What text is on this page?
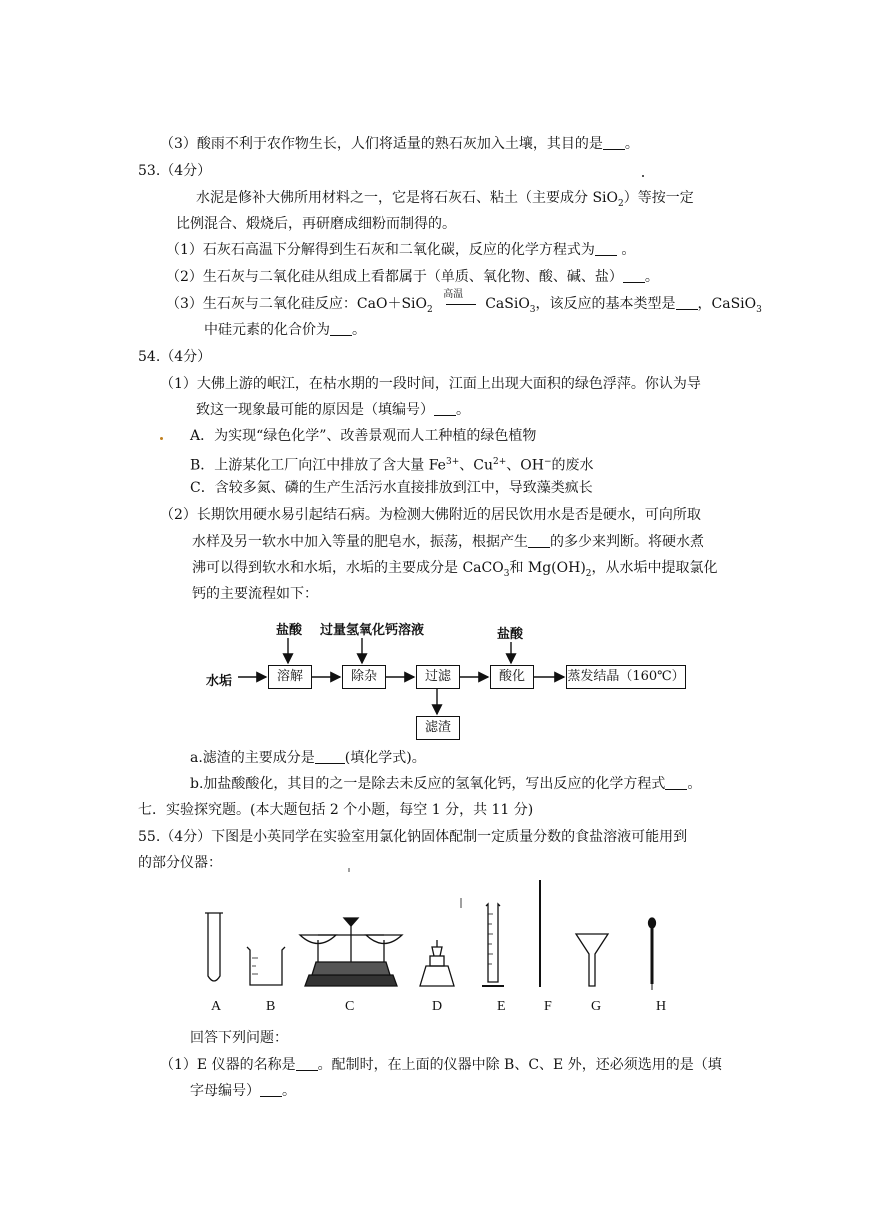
（3）酸雨不利于农作物生长，人们将适量的熟石灰加入土壤，其目的是 。
53.（4分）
水泥是修补大佛所用材料之一，它是将石灰石、粘土（主要成分 SiO$_2$）等按一定
比例混合、煅烧后，再研磨成细粉而制得的。
（1）石灰石高温下分解得到生石灰和二氧化碳，反应的化学方程式为 。
（2）生石灰与二氧化硅从组成上看都属于（单质、氧化物、酸、碱、盐） 。
（3）生石灰与二氧化硅反应：CaO＋SiO$_2$
高温
CaSiO$_3$，该反应的基本类型是 ，CaSiO$_3$
中硅元素的化合价为 。
54.（4分）
（1）大佛上游的岷江，在枯水期的一段时间，江面上出现大面积的绿色浮萍。你认为导
致这一现象最可能的原因是（填编号） 。
A．为实现“绿色化学”、改善景观而人工种植的绿色植物
B．上游某化工厂向江中排放了含大量 $Fe^{3+}$、$Cu^{2+}$、OH−的废水
C．含较多氮、磷的生产生活污水直接排放到江中，导致藻类疯长
（2）长期饮用硬水易引起结石病。为检测大佛附近的居民饮用水是否是硬水，可向所取
水样及另一软水中加入等量的肥皂水，振荡，根据产生 的多少来判断。将硬水煮
沸可以得到软水和水垢，水垢的主要成分是 CaCO$_3$和 $Mg(OH)_2$，从水垢中提取氯化
钙的主要流程如下：
盐酸 过量氢氧化钙溶液	盐酸
水垢	溶解	除杂	过滤	酸化	蒸发结晶（160℃）
滤渣
a.滤渣的主要成分是 (填化学式)。
b.加盐酸酸化，其目的之一是除去未反应的氢氧化钙，写出反应的化学方程式 。
七．实验探究题。(本大题包括 2 个小题，每空 1 分，共 11 分)
55.（4分）下图是小英同学在实验室用氯化钠固体配制一定质量分数的食盐溶液可能用到
的部分仪器：
A	B	C	D	E	F	G	H
回答下列问题：
（1）E 仪器的名称是 。配制时，在上面的仪器中除 B、C、E 外，还必须选用的是（填
字母编号） 。
